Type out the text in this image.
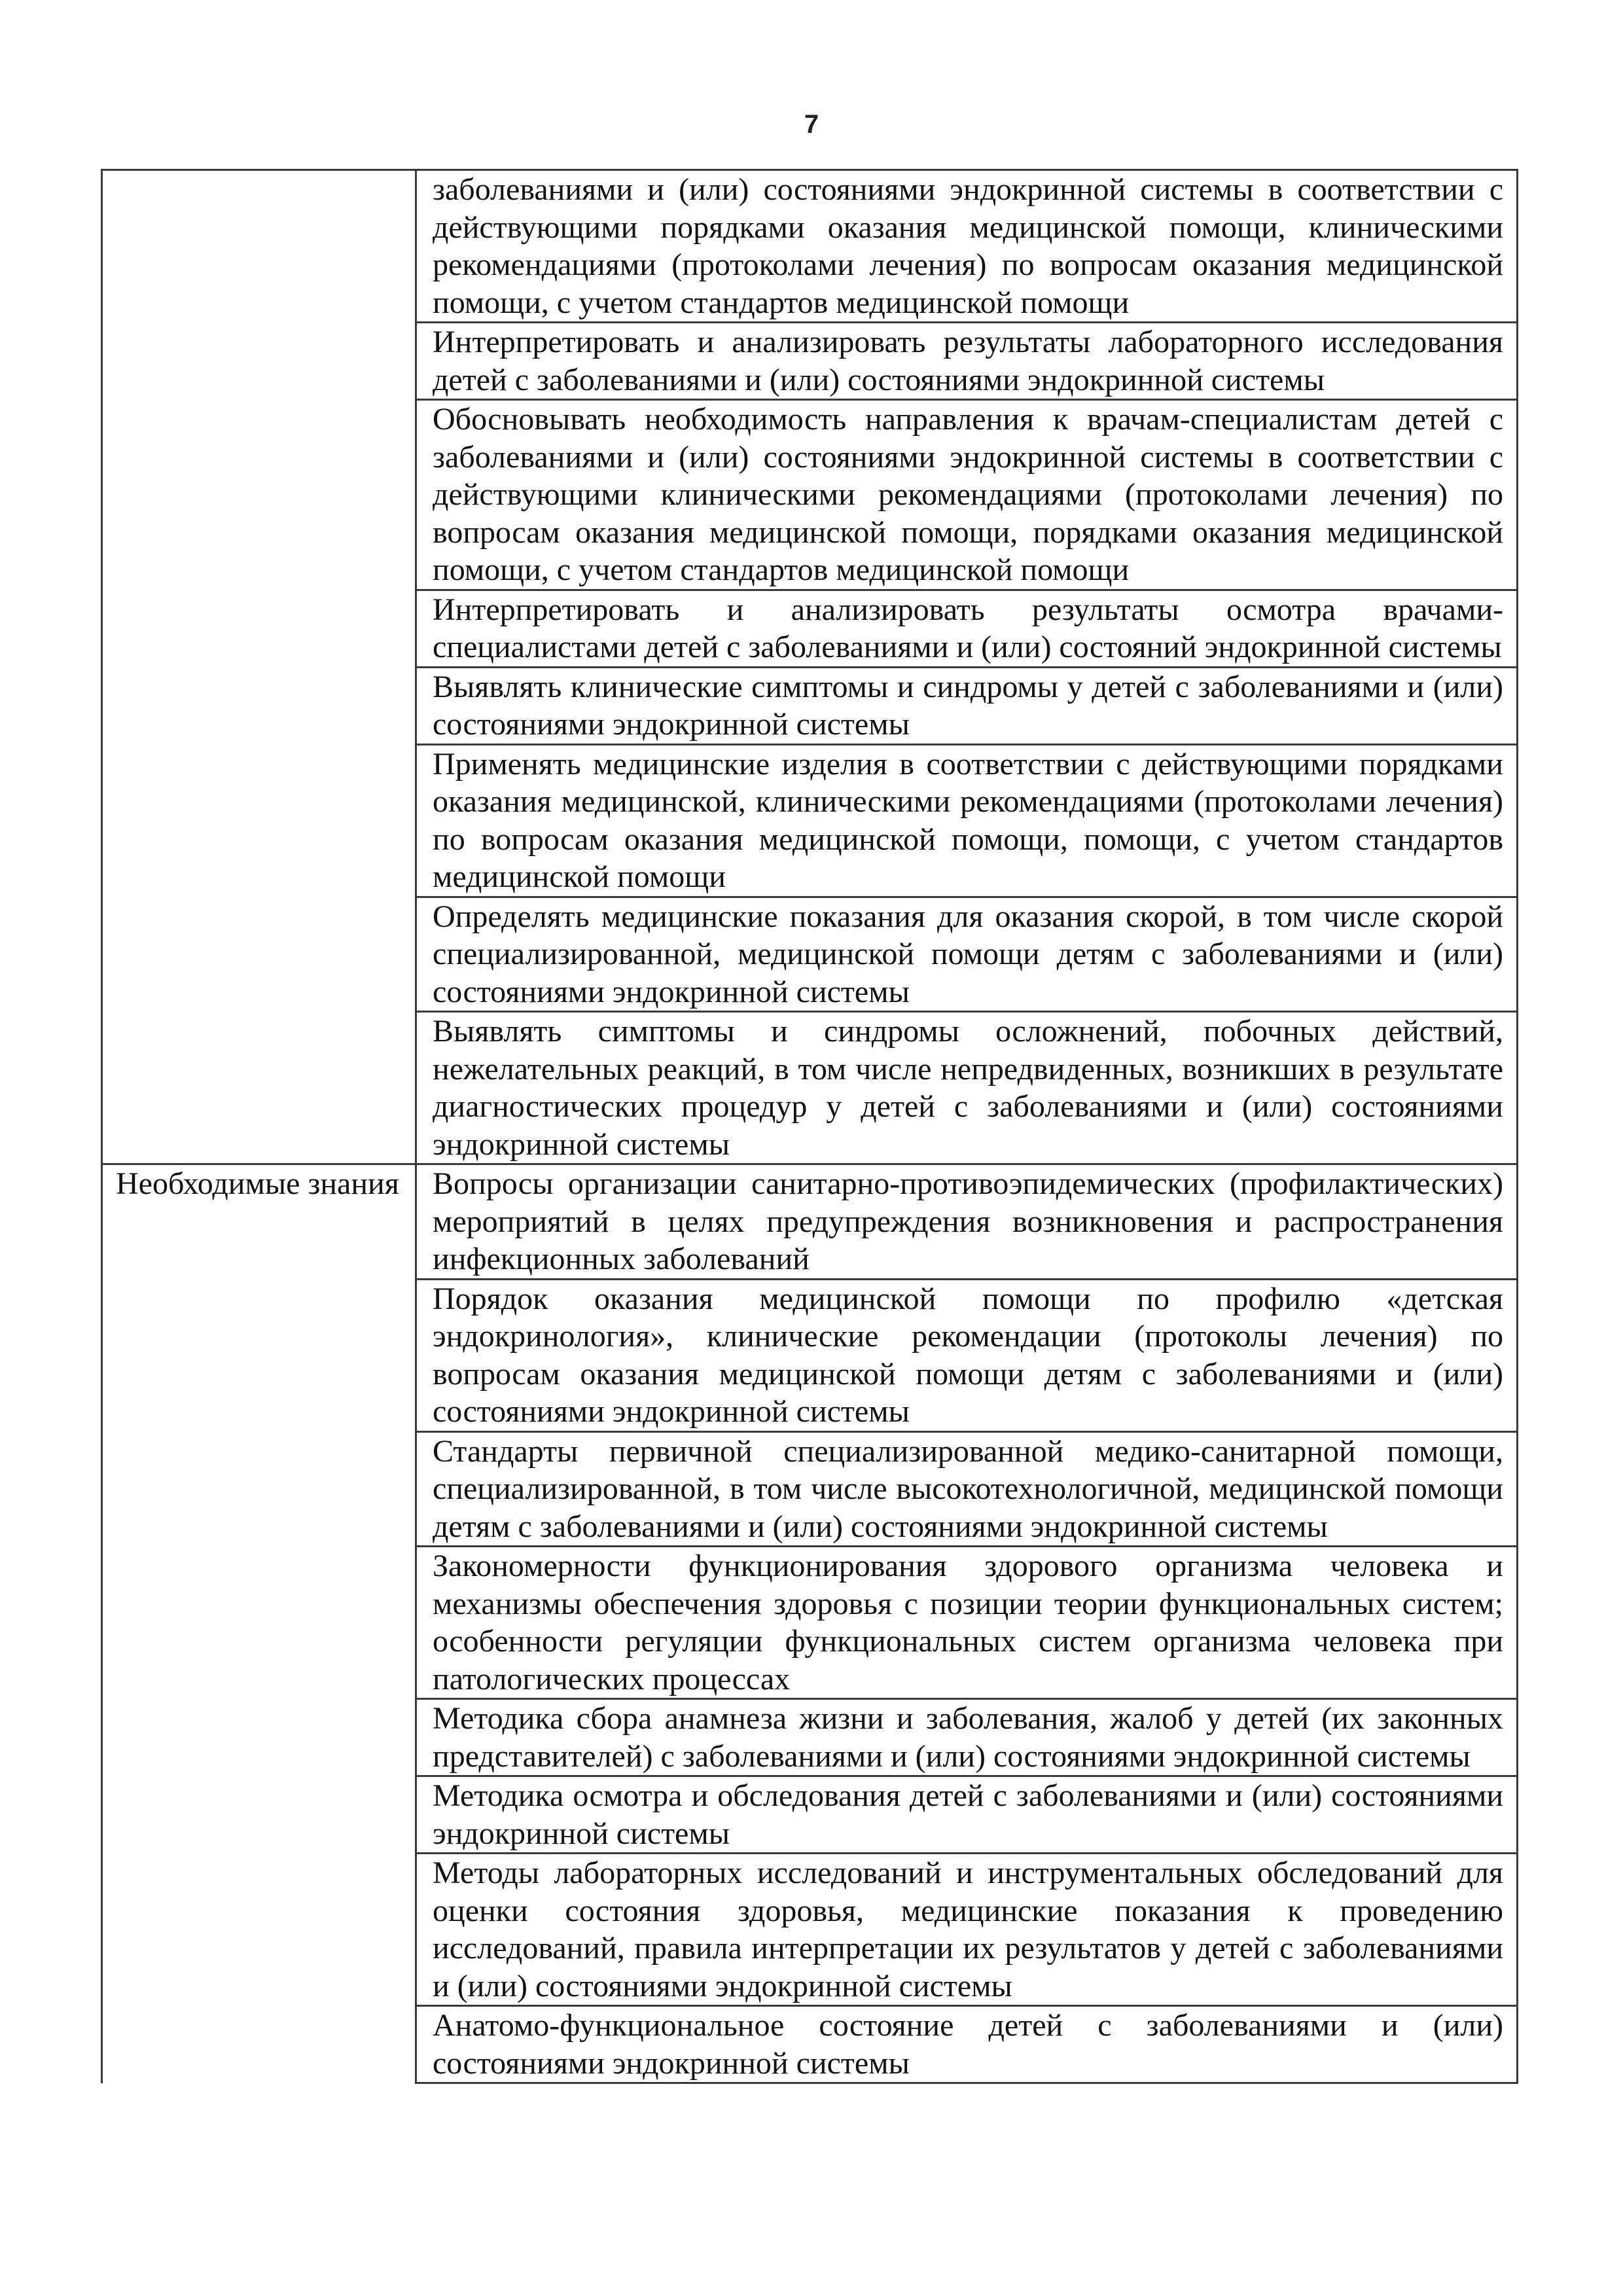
7
	заболеваниями и (или) состояниями эндокринной системы в соответствии с действующими порядками оказания медицинской помощи, клиническими рекомендациями (протоколами лечения) по вопросам оказания медицинской помощи, с учетом стандартов медицинской помощи
	Интерпретировать и анализировать результаты лабораторного исследования детей с заболеваниями и (или) состояниями эндокринной системы
	Обосновывать необходимость направления к врачам-специалистам детей с заболеваниями и (или) состояниями эндокринной системы в соответствии с действующими клиническими рекомендациями (протоколами лечения) по вопросам оказания медицинской помощи, порядками оказания медицинской помощи, с учетом стандартов медицинской помощи
	Интерпретировать и анализировать результаты осмотра врачами-специалистами детей с заболеваниями и (или) состояний эндокринной системы
	Выявлять клинические симптомы и синдромы у детей с заболеваниями и (или) состояниями эндокринной системы
	Применять медицинские изделия в соответствии с действующими порядками оказания медицинской, клиническими рекомендациями (протоколами лечения) по вопросам оказания медицинской помощи, помощи, с учетом стандартов медицинской помощи
	Определять медицинские показания для оказания скорой, в том числе скорой специализированной, медицинской помощи детям с заболеваниями и (или) состояниями эндокринной системы
	Выявлять симптомы и синдромы осложнений, побочных действий, нежелательных реакций, в том числе непредвиденных, возникших в результате диагностических процедур у детей с заболеваниями и (или) состояниями эндокринной системы
Необходимые знания	Вопросы организации санитарно-противоэпидемических (профилактических) мероприятий в целях предупреждения возникновения и распространения инфекционных заболеваний
	Порядок оказания медицинской помощи по профилю «детская эндокринология», клинические рекомендации (протоколы лечения) по вопросам оказания медицинской помощи детям с заболеваниями и (или) состояниями эндокринной системы
	Стандарты первичной специализированной медико-санитарной помощи, специализированной, в том числе высокотехнологичной, медицинской помощи детям с заболеваниями и (или) состояниями эндокринной системы
	Закономерности функционирования здорового организма человека и механизмы обеспечения здоровья с позиции теории функциональных систем; особенности регуляции функциональных систем организма человека при патологических процессах
	Методика сбора анамнеза жизни и заболевания, жалоб у детей (их законных представителей) с заболеваниями и (или) состояниями эндокринной системы
	Методика осмотра и обследования детей с заболеваниями и (или) состояниями эндокринной системы
	Методы лабораторных исследований и инструментальных обследований для оценки состояния здоровья, медицинские показания к проведению исследований, правила интерпретации их результатов у детей с заболеваниями и (или) состояниями эндокринной системы
	Анатомо-функциональное состояние детей с заболеваниями и (или) состояниями эндокринной системы
